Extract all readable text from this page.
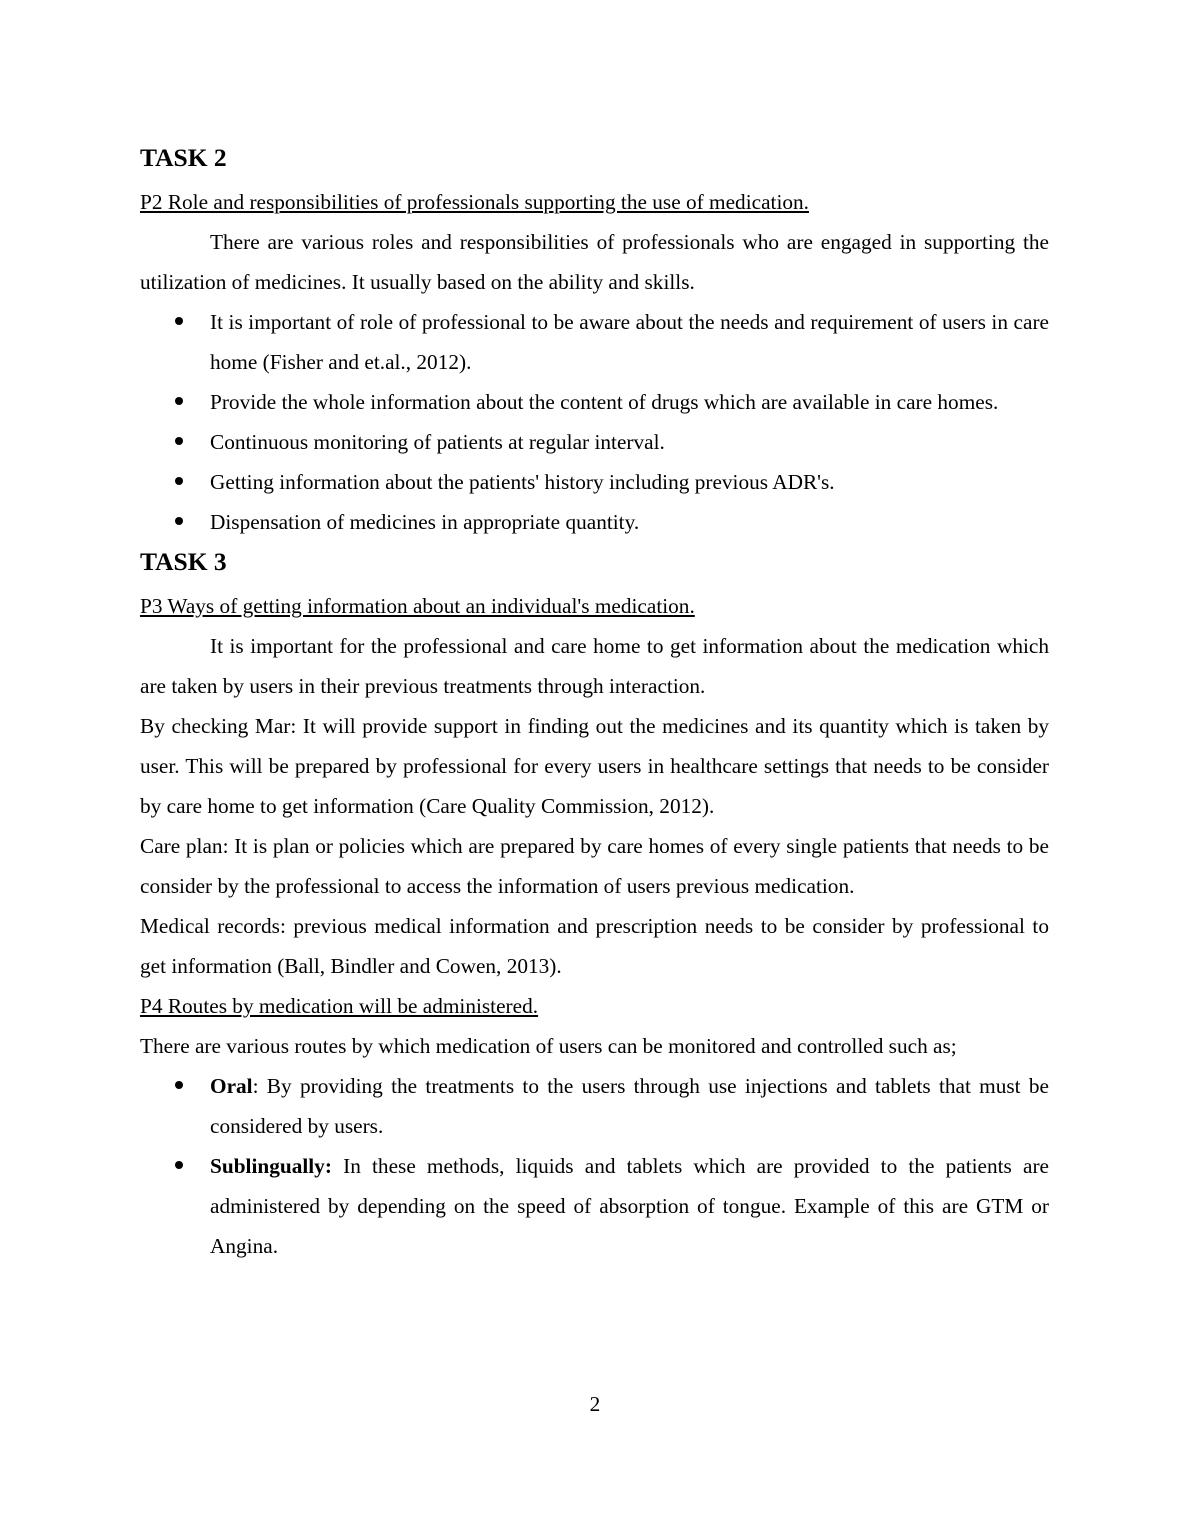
TASK 2

P2 Role and responsibilities of professionals supporting the use of medication.

There are various roles and responsibilities of professionals who are engaged in supporting the utilization of medicines. It usually based on the ability and skills.

It is important of role of professional to be aware about the needs and requirement of users in care home (Fisher and et.al., 2012).
Provide the whole information about the content of drugs which are available in care homes.
Continuous monitoring of patients at regular interval.
Getting information about the patients' history including previous ADR's.
Dispensation of medicines in appropriate quantity.
TASK 3

P3 Ways of getting information about an individual's medication.

It is important for the professional and care home to get information about the medication which are taken by users in their previous treatments through interaction.

By checking Mar: It will provide support in finding out the medicines and its quantity which is taken by user. This will be prepared by professional for every users in healthcare settings that needs to be consider by care home to get information (Care Quality Commission, 2012).

Care plan: It is plan or policies which are prepared by care homes of every single patients that needs to be consider by the professional to access the information of users previous medication.

Medical records: previous medical information and prescription needs to be consider by professional to get information (Ball, Bindler and Cowen, 2013).

P4 Routes by medication will be administered.

There are various routes by which medication of users can be monitored and controlled such as;

Oral: By providing the treatments to the users through use injections and tablets that must be considered by users.
Sublingually: In these methods, liquids and tablets which are provided to the patients are administered by depending on the speed of absorption of tongue. Example of this are GTM or Angina.
2
